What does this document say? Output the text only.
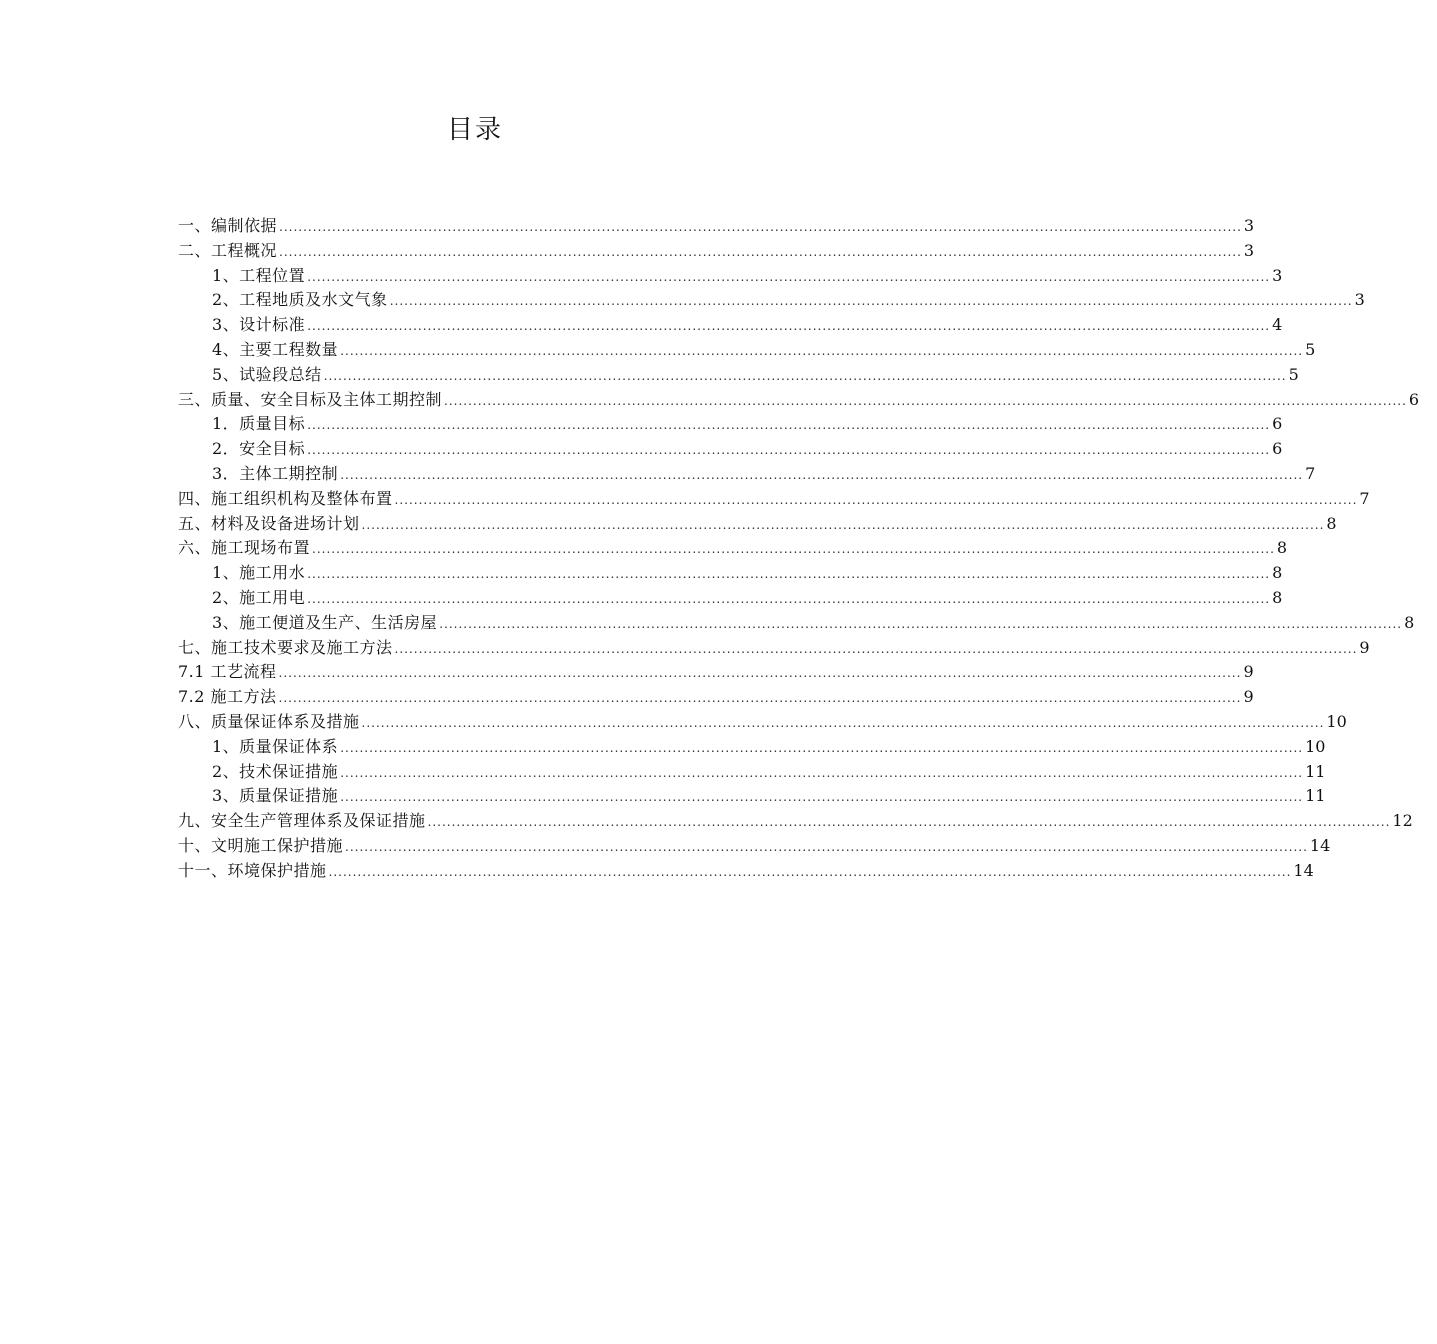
目录
一、编制依据 ........................................................................................................................................................................................................ 3
二、工程概况 ........................................................................................................................................................................................................ 3
1、工程位置 ........................................................................................................................................................................................................ 3
2、工程地质及水文气象 ........................................................................................................................................................................................................ 3
3、设计标准 ........................................................................................................................................................................................................ 4
4、主要工程数量 ........................................................................................................................................................................................................ 5
5、试验段总结 ........................................................................................................................................................................................................ 5
三、质量、安全目标及主体工期控制 ........................................................................................................................................................................................................ 6
1．质量目标 ........................................................................................................................................................................................................ 6
2．安全目标 ........................................................................................................................................................................................................ 6
3．主体工期控制 ........................................................................................................................................................................................................ 7
四、施工组织机构及整体布置 ........................................................................................................................................................................................................ 7
五、材料及设备进场计划 ........................................................................................................................................................................................................ 8
六、施工现场布置 ........................................................................................................................................................................................................ 8
1、施工用水 ........................................................................................................................................................................................................ 8
2、施工用电 ........................................................................................................................................................................................................ 8
3、施工便道及生产、生活房屋 ........................................................................................................................................................................................................ 8
七、施工技术要求及施工方法 ........................................................................................................................................................................................................ 9
7.1 工艺流程 ........................................................................................................................................................................................................ 9
7.2 施工方法 ........................................................................................................................................................................................................ 9
八、质量保证体系及措施 ........................................................................................................................................................................................................ 10
1、质量保证体系 ........................................................................................................................................................................................................ 10
2、技术保证措施 ........................................................................................................................................................................................................ 11
3、质量保证措施 ........................................................................................................................................................................................................ 11
九、安全生产管理体系及保证措施 ........................................................................................................................................................................................................ 12
十、文明施工保护措施 ........................................................................................................................................................................................................ 14
十一、环境保护措施 ........................................................................................................................................................................................................ 14
